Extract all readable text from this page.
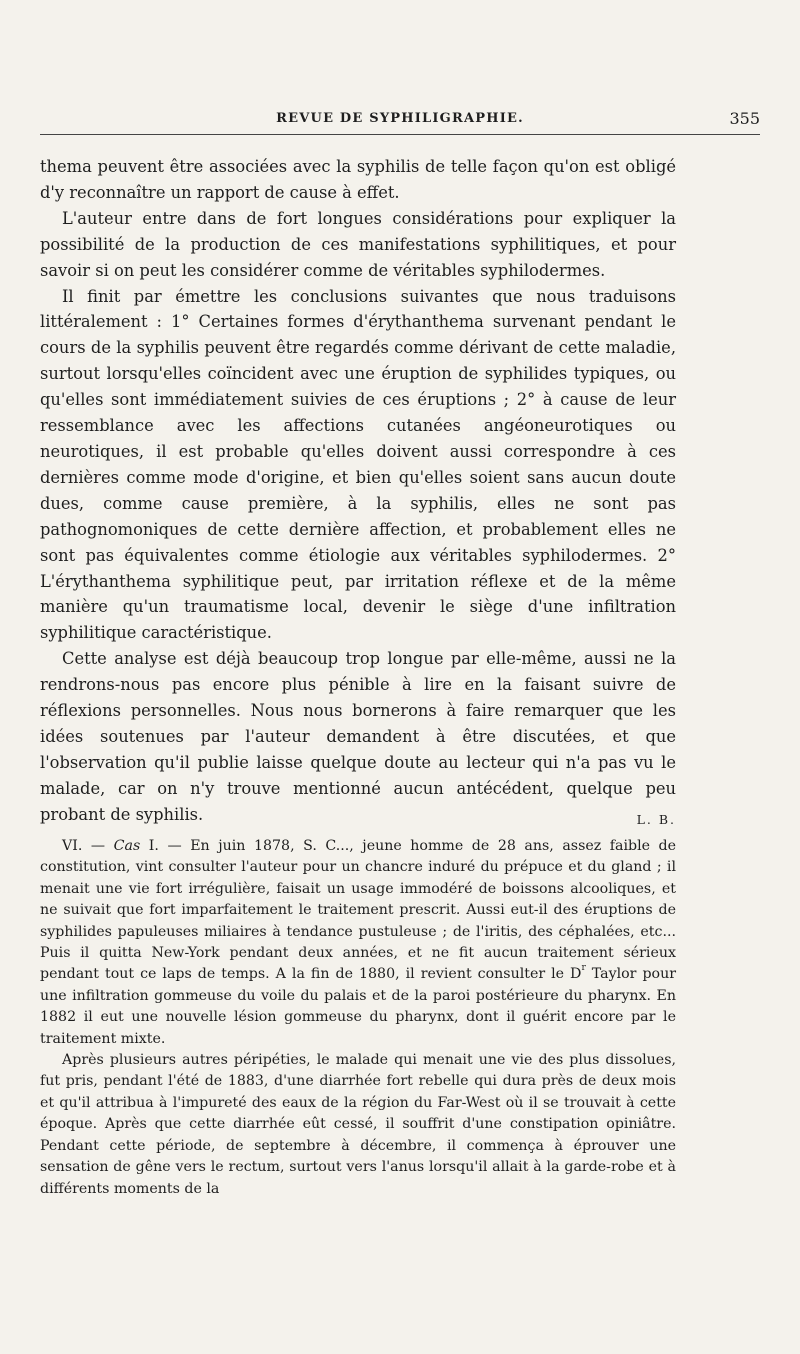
REVUE DE SYPHILIGRAPHIE.	355

thema peuvent être associées avec la syphilis de telle façon qu'on est obligé d'y reconnaître un rapport de cause à effet.

L'auteur entre dans de fort longues considérations pour expliquer la possibilité de la production de ces manifestations syphilitiques, et pour savoir si on peut les considérer comme de véritables syphilodermes.

Il finit par émettre les conclusions suivantes que nous traduisons littéralement : 1° Certaines formes d'érythanthema survenant pendant le cours de la syphilis peuvent être regardés comme dérivant de cette maladie, surtout lorsqu'elles coïncident avec une éruption de syphilides typiques, ou qu'elles sont immédiatement suivies de ces éruptions ; 2° à cause de leur ressemblance avec les affections cutanées angéoneurotiques ou neurotiques, il est probable qu'elles doivent aussi correspondre à ces dernières comme mode d'origine, et bien qu'elles soient sans aucun doute dues, comme cause première, à la syphilis, elles ne sont pas pathognomoniques de cette dernière affection, et probablement elles ne sont pas équivalentes comme étiologie aux véritables syphilodermes. 2° L'érythanthema syphilitique peut, par irritation réflexe et de la même manière qu'un traumatisme local, devenir le siège d'une infiltration syphilitique caractéristique.

Cette analyse est déjà beaucoup trop longue par elle-même, aussi ne la rendrons-nous pas encore plus pénible à lire en la faisant suivre de réflexions personnelles. Nous nous bornerons à faire remarquer que les idées soutenues par l'auteur demandent à être discutées, et que l'observation qu'il publie laisse quelque doute au lecteur qui n'a pas vu le malade, car on n'y trouve mentionné aucun antécédent, quelque peu probant de syphilis.	L. B.

VI. — Cas I. — En juin 1878, S. C..., jeune homme de 28 ans, assez faible de constitution, vint consulter l'auteur pour un chancre induré du prépuce et du gland ; il menait une vie fort irrégulière, faisait un usage immodéré de boissons alcooliques, et ne suivait que fort imparfaitement le traitement prescrit. Aussi eut-il des éruptions de syphilides papuleuses miliaires à tendance pustuleuse ; de l'iritis, des céphalées, etc... Puis il quitta New-York pendant deux années, et ne fit aucun traitement sérieux pendant tout ce laps de temps. A la fin de 1880, il revient consulter le $D^r$ Taylor pour une infiltration gommeuse du voile du palais et de la paroi postérieure du pharynx. En 1882 il eut une nouvelle lésion gommeuse du pharynx, dont il guérit encore par le traitement mixte.

Après plusieurs autres péripéties, le malade qui menait une vie des plus dissolues, fut pris, pendant l'été de 1883, d'une diarrhée fort rebelle qui dura près de deux mois et qu'il attribua à l'impureté des eaux de la région du Far-West où il se trouvait à cette époque. Après que cette diarrhée eût cessé, il souffrit d'une constipation opiniâtre. Pendant cette période, de septembre à décembre, il commença à éprouver une sensation de gêne vers le rectum, surtout vers l'anus lorsqu'il allait à la garde-robe et à différents moments de la
